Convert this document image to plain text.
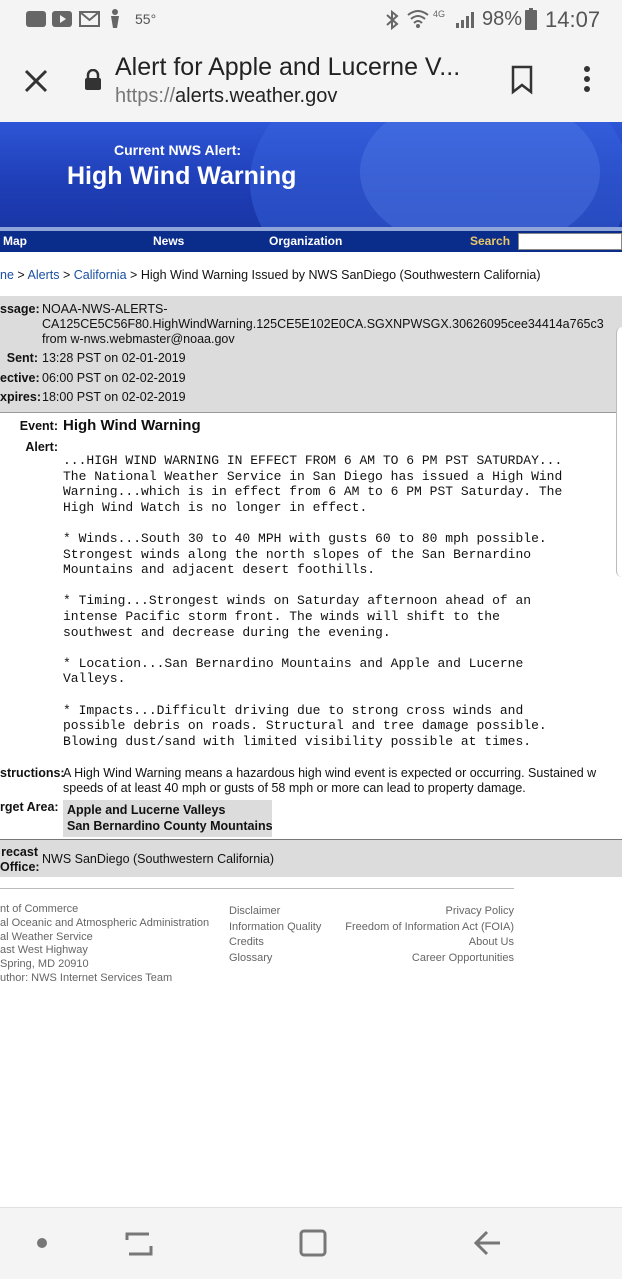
55°	4G 98% 14:07
Alert for Apple and Lucerne V...
https://alerts.weather.gov
Current NWS Alert:
High Wind Warning
Map	News	Organization	Search
ne > Alerts > California > High Wind Warning Issued by NWS SanDiego (Southwestern California)
ssage: NOAA-NWS-ALERTS-
CA125CE5C56F80.HighWindWarning.125CE5E102E0CA.SGXNPWSGX.30626095cee34414a765c3
from w-nws.webmaster@noaa.gov
Sent: 13:28 PST on 02-01-2019
ective: 06:00 PST on 02-02-2019
xpires: 18:00 PST on 02-02-2019
Event: High Wind Warning
Alert:
...HIGH WIND WARNING IN EFFECT FROM 6 AM TO 6 PM PST SATURDAY...
The National Weather Service in San Diego has issued a High Wind
Warning...which is in effect from 6 AM to 6 PM PST Saturday. The
High Wind Watch is no longer in effect.

* Winds...South 30 to 40 MPH with gusts 60 to 80 mph possible.
Strongest winds along the north slopes of the San Bernardino
Mountains and adjacent desert foothills.

* Timing...Strongest winds on Saturday afternoon ahead of an
intense Pacific storm front. The winds will shift to the
southwest and decrease during the evening.

* Location...San Bernardino Mountains and Apple and Lucerne
Valleys.

* Impacts...Difficult driving due to strong cross winds and
possible debris on roads. Structural and tree damage possible.
Blowing dust/sand with limited visibility possible at times.
structions:
A High Wind Warning means a hazardous high wind event is expected or occurring. Sustained w
speeds of at least 40 mph or gusts of 58 mph or more can lead to property damage.
rget Area: Apple and Lucerne Valleys
San Bernardino County Mountains
recast
Office:
NWS SanDiego (Southwestern California)
nt of Commerce
al Oceanic and Atmospheric Administration
al Weather Service
ast West Highway
Spring, MD 20910
uthor: NWS Internet Services Team
Disclaimer
Information Quality
Credits
Glossary
Privacy Policy
Freedom of Information Act (FOIA)
About Us
Career Opportunities
